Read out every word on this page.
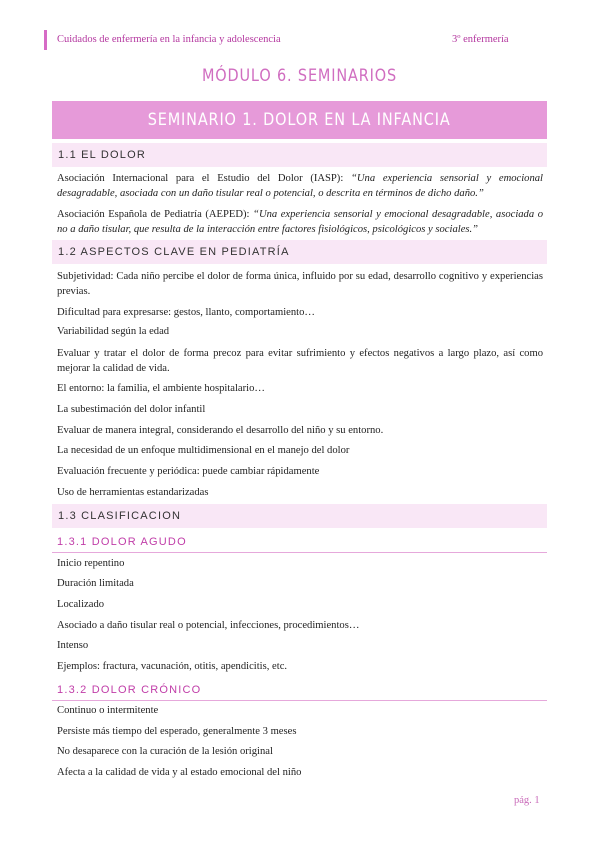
Cuidados de enfermería en la infancia y adolescencia	3º enfermería
MÓDULO 6. SEMINARIOS
SEMINARIO 1. DOLOR EN LA INFANCIA
1.1 EL DOLOR
Asociación Internacional para el Estudio del Dolor (IASP): “Una experiencia sensorial y emocional desagradable, asociada con un daño tisular real o potencial, o descrita en términos de dicho daño.”
Asociación Española de Pediatría (AEPED): “Una experiencia sensorial y emocional desagradable, asociada o no a daño tisular, que resulta de la interacción entre factores fisiológicos, psicológicos y sociales.”
1.2 ASPECTOS CLAVE EN PEDIATRÍA
Subjetividad: Cada niño percibe el dolor de forma única, influido por su edad, desarrollo cognitivo y experiencias previas.
Dificultad para expresarse: gestos, llanto, comportamiento…
Variabilidad según la edad
Evaluar y tratar el dolor de forma precoz para evitar sufrimiento y efectos negativos a largo plazo, así como mejorar la calidad de vida.
El entorno: la familia, el ambiente hospitalario…
La subestimación del dolor infantil
Evaluar de manera integral, considerando el desarrollo del niño y su entorno.
La necesidad de un enfoque multidimensional en el manejo del dolor
Evaluación frecuente y periódica: puede cambiar rápidamente
Uso de herramientas estandarizadas
1.3 CLASIFICACION
1.3.1 DOLOR AGUDO
Inicio repentino
Duración limitada
Localizado
Asociado a daño tisular real o potencial, infecciones, procedimientos…
Intenso
Ejemplos: fractura, vacunación, otitis, apendicitis, etc.
1.3.2 DOLOR CRÓNICO
Continuo o intermitente
Persiste más tiempo del esperado, generalmente 3 meses
No desaparece con la curación de la lesión original
Afecta a la calidad de vida y al estado emocional del niño
pág. 1
